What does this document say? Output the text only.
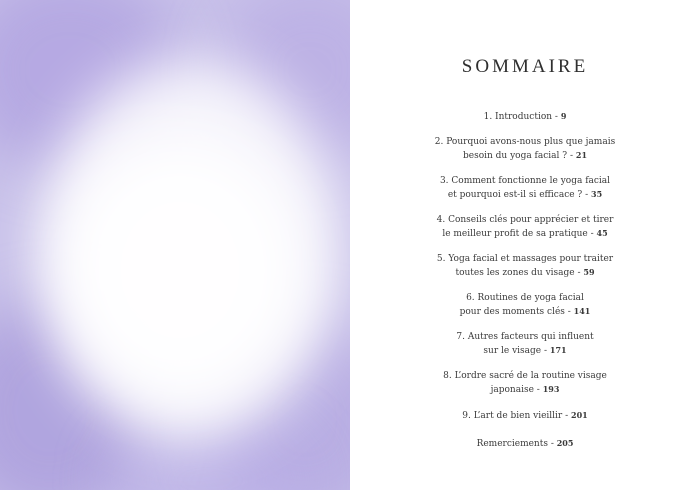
SOMMAIRE
1. Introduction - 9
2. Pourquoi avons-nous plus que jamais
besoin du yoga facial ? - 21
3. Comment fonctionne le yoga facial
et pourquoi est-il si efficace ? - 35
4. Conseils clés pour apprécier et tirer
le meilleur profit de sa pratique - 45
5. Yoga facial et massages pour traiter
toutes les zones du visage - 59
6. Routines de yoga facial
pour des moments clés - 141
7. Autres facteurs qui influent
sur le visage - 171
8. L’ordre sacré de la routine visage
japonaise - 193
9. L’art de bien vieillir - 201
Remerciements - 205
